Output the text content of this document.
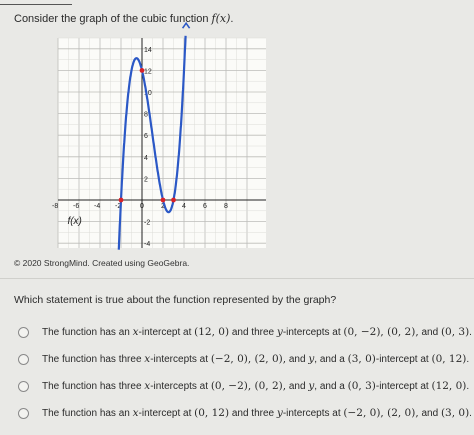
Consider the graph of the cubic function f(x).
-8 -6 -4 -2	0 2 4 6 8
14
12
10
8
6
4
2
-2
-4
f(x)
© 2020 StrongMind. Created using GeoGebra.
Which statement is true about the function represented by the graph?
The function has an x-intercept at (12, 0) and three y-intercepts at (0, −2), (0, 2), and (0, 3).
The function has three x-intercepts at (−2, 0), (2, 0), and y, and a (3, 0)-intercept at (0, 12).
The function has three x-intercepts at (0, −2), (0, 2), and y, and a (0, 3)-intercept at (12, 0).
The function has an x-intercept at (0, 12) and three y-intercepts at (−2, 0), (2, 0), and (3, 0).
